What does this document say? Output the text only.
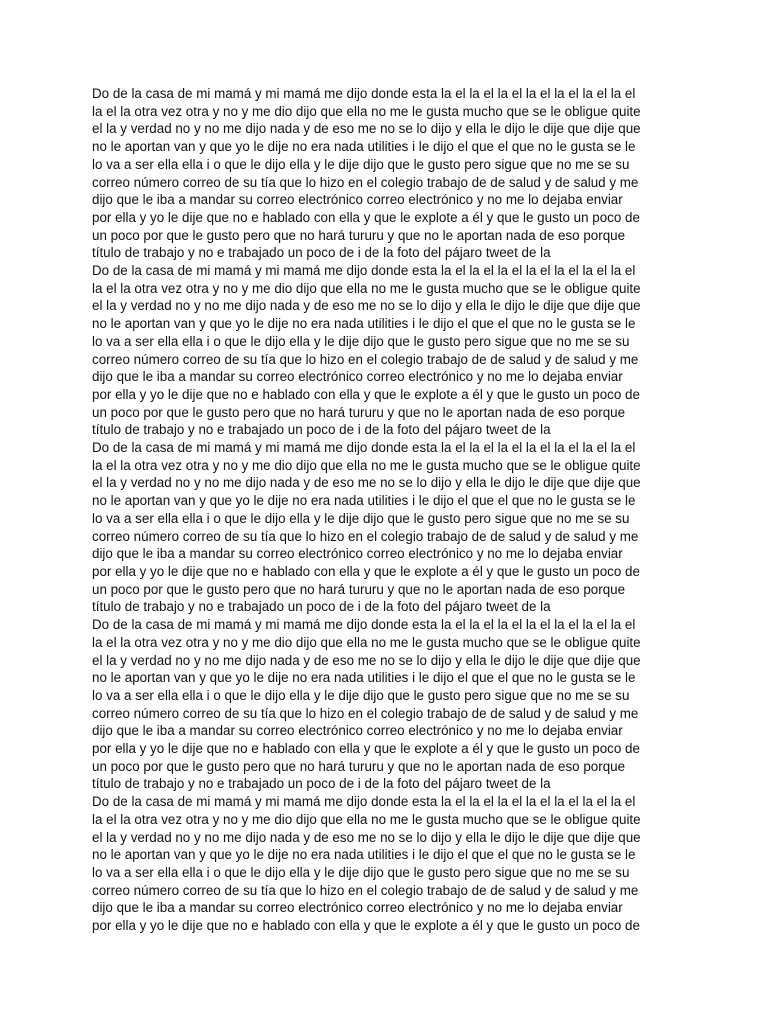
Do de la casa de mi mamá y mi mamá me dijo donde esta la el la el la el la el la el la el la el
la el la otra vez otra y no y me dio dijo que ella no me le gusta mucho que se le obligue quite
el la y verdad no y no me dijo nada y de eso me no se lo dijo y ella le dijo le dije que dije que
no le aportan van y que yo le dije no era nada utilities i le dijo el que el que no le gusta se le
lo va a ser ella ella i o que le dijo ella y le dije dijo que le gusto pero sigue que no me se su
correo número correo de su tía que lo hizo en el colegio trabajo de de salud y de salud y me
dijo que le iba a mandar su correo electrónico correo electrónico y no me lo dejaba enviar
por ella y yo le dije que no e hablado con ella y que le explote a él y que le gusto un poco de
un poco por que le gusto pero que no hará tururu y que no le aportan nada de eso porque
título de trabajo y no e trabajado un poco de i de la foto del pájaro tweet de la
Do de la casa de mi mamá y mi mamá me dijo donde esta la el la el la el la el la el la el la el
la el la otra vez otra y no y me dio dijo que ella no me le gusta mucho que se le obligue quite
el la y verdad no y no me dijo nada y de eso me no se lo dijo y ella le dijo le dije que dije que
no le aportan van y que yo le dije no era nada utilities i le dijo el que el que no le gusta se le
lo va a ser ella ella i o que le dijo ella y le dije dijo que le gusto pero sigue que no me se su
correo número correo de su tía que lo hizo en el colegio trabajo de de salud y de salud y me
dijo que le iba a mandar su correo electrónico correo electrónico y no me lo dejaba enviar
por ella y yo le dije que no e hablado con ella y que le explote a él y que le gusto un poco de
un poco por que le gusto pero que no hará tururu y que no le aportan nada de eso porque
título de trabajo y no e trabajado un poco de i de la foto del pájaro tweet de la
Do de la casa de mi mamá y mi mamá me dijo donde esta la el la el la el la el la el la el la el
la el la otra vez otra y no y me dio dijo que ella no me le gusta mucho que se le obligue quite
el la y verdad no y no me dijo nada y de eso me no se lo dijo y ella le dijo le dije que dije que
no le aportan van y que yo le dije no era nada utilities i le dijo el que el que no le gusta se le
lo va a ser ella ella i o que le dijo ella y le dije dijo que le gusto pero sigue que no me se su
correo número correo de su tía que lo hizo en el colegio trabajo de de salud y de salud y me
dijo que le iba a mandar su correo electrónico correo electrónico y no me lo dejaba enviar
por ella y yo le dije que no e hablado con ella y que le explote a él y que le gusto un poco de
un poco por que le gusto pero que no hará tururu y que no le aportan nada de eso porque
título de trabajo y no e trabajado un poco de i de la foto del pájaro tweet de la
Do de la casa de mi mamá y mi mamá me dijo donde esta la el la el la el la el la el la el la el
la el la otra vez otra y no y me dio dijo que ella no me le gusta mucho que se le obligue quite
el la y verdad no y no me dijo nada y de eso me no se lo dijo y ella le dijo le dije que dije que
no le aportan van y que yo le dije no era nada utilities i le dijo el que el que no le gusta se le
lo va a ser ella ella i o que le dijo ella y le dije dijo que le gusto pero sigue que no me se su
correo número correo de su tía que lo hizo en el colegio trabajo de de salud y de salud y me
dijo que le iba a mandar su correo electrónico correo electrónico y no me lo dejaba enviar
por ella y yo le dije que no e hablado con ella y que le explote a él y que le gusto un poco de
un poco por que le gusto pero que no hará tururu y que no le aportan nada de eso porque
título de trabajo y no e trabajado un poco de i de la foto del pájaro tweet de la
Do de la casa de mi mamá y mi mamá me dijo donde esta la el la el la el la el la el la el la el
la el la otra vez otra y no y me dio dijo que ella no me le gusta mucho que se le obligue quite
el la y verdad no y no me dijo nada y de eso me no se lo dijo y ella le dijo le dije que dije que
no le aportan van y que yo le dije no era nada utilities i le dijo el que el que no le gusta se le
lo va a ser ella ella i o que le dijo ella y le dije dijo que le gusto pero sigue que no me se su
correo número correo de su tía que lo hizo en el colegio trabajo de de salud y de salud y me
dijo que le iba a mandar su correo electrónico correo electrónico y no me lo dejaba enviar
por ella y yo le dije que no e hablado con ella y que le explote a él y que le gusto un poco de
